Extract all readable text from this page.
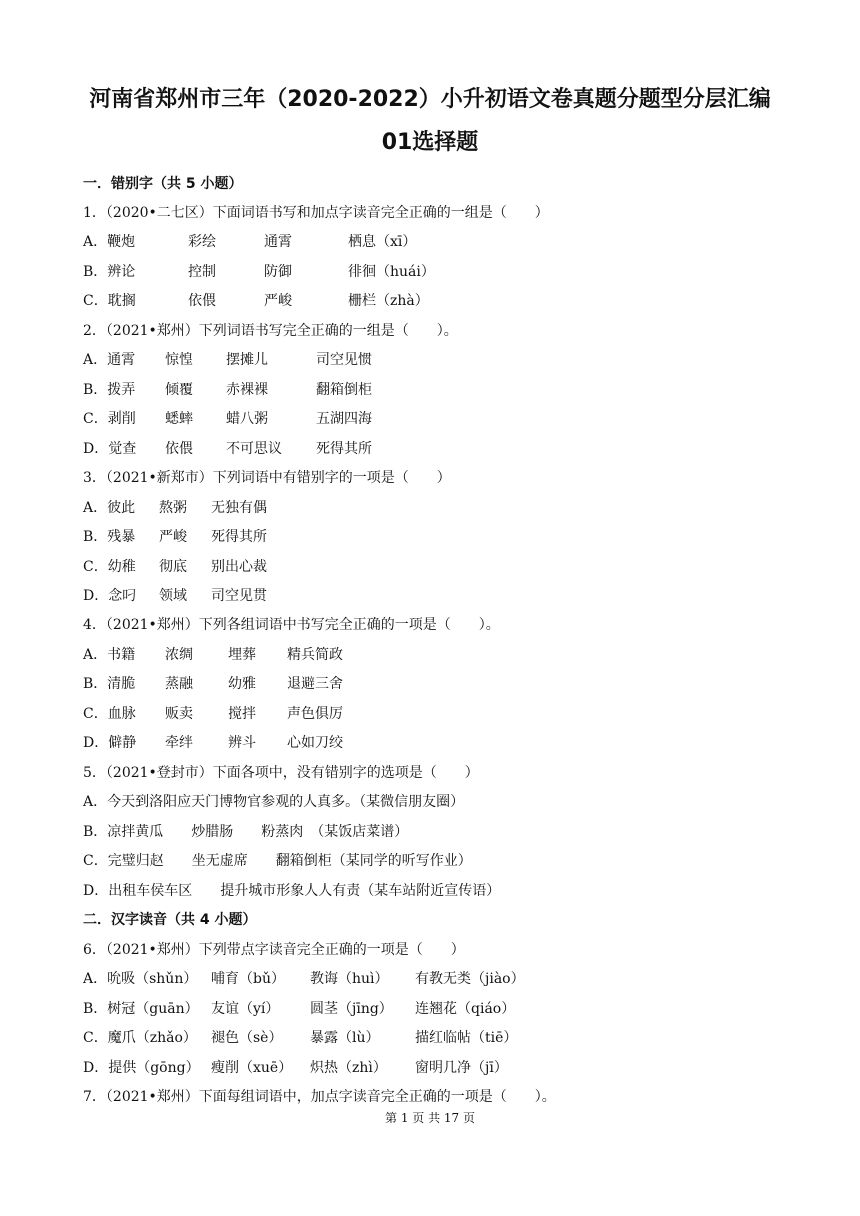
河南省郑州市三年（2020-2022）小升初语文卷真题分题型分层汇编
01选择题
一．错别字（共 5 小题）
1．（2020•二七区）下面词语书写和加点字读音完全正确的一组是（　　）
A．鞭炮	彩绘	通霄	栖息（xī）
B．辨论	控制	防御	徘徊（huái）
C．耽搁	依偎	严峻	栅栏（zhà）
2．（2021•郑州）下列词语书写完全正确的一组是（　　）。
A．通霄 惊惶 摆摊儿	司空见惯
B．拨弄 倾覆 赤裸裸	翻箱倒柜
C．剥削 蟋蟀 蜡八粥	五湖四海
D．觉查 依偎 不可思议 死得其所
3．（2021•新郑市）下列词语中有错别字的一项是（　　）
A．彼此 熬粥 无独有偶
B．残暴 严峻 死得其所
C．幼稚 彻底 别出心裁
D．念叼 领域 司空见贯
4．（2021•郑州）下列各组词语中书写完全正确的一项是（　　）。
A．书籍 浓绸	埋葬 精兵简政
B．清脆 蒸融	幼雅 退避三舍
C．血脉 贩卖	搅拌 声色俱厉
D．僻静 牵绊	辨斗 心如刀绞
5．（2021•登封市）下面各项中，没有错别字的选项是（　　）
A．今天到洛阳应天门博物官参观的人真多。（某微信朋友圈）
B．凉拌黄瓜　　炒腊肠　　粉蒸肉　（某饭店菜谱）
C．完璧归赵　　坐无虚席　　翻箱倒柜（某同学的听写作业）
D．出租车侯车区　　提升城市形象人人有责（某车站附近宣传语）
二．汉字读音（共 4 小题）
6．（2021•郑州）下列带点字读音完全正确的一项是（　　）
A．吮吸（shǔn） 哺育（bǔ） 教诲（huì） 有教无类（jiào）
B．树冠（guān） 友谊（yí） 圆茎（jīng） 连翘花（qiáo）
C．魔爪（zhǎo） 褪色（sè） 暴露（lù）	描红临帖（tiē）
D．提供（gōng） 瘦削（xuē） 炽热（zhì） 窗明几净（jī）
7．（2021•郑州）下面每组词语中，加点字读音完全正确的一项是（　　）。
第 1 页 共 17 页
